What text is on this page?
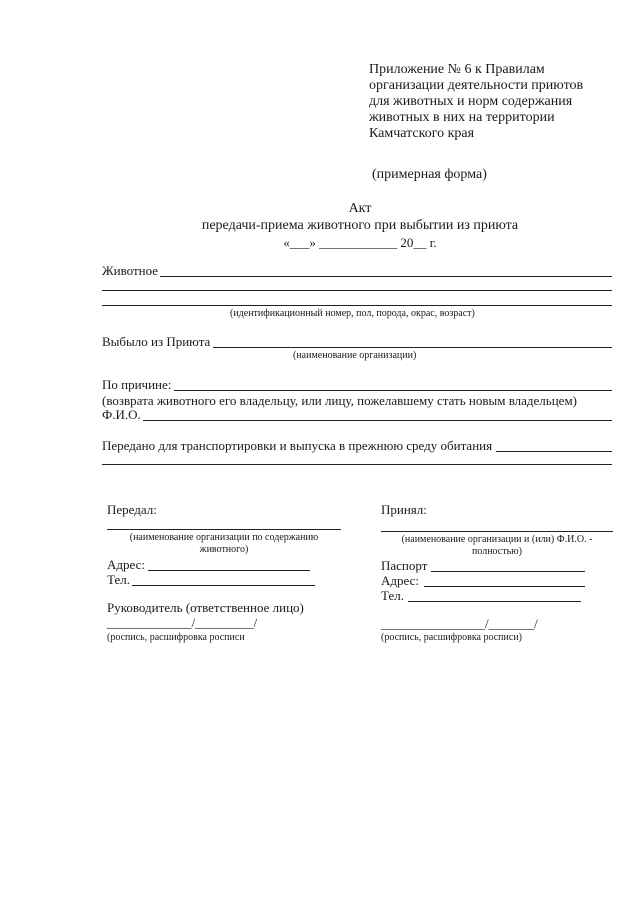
Приложение № 6 к Правилам
организации деятельности приютов
для животных и норм содержания
животных в них на территории
Камчатского края
(примерная форма)
Акт
передачи-приема животного при выбытии из приюта
«___» ____________ 20__ г.
Животное
(идентификационный номер, пол, порода, окрас, возраст)
Выбыло из Приюта
(наименование организации)
По причине:
(возврата животного его владельцу, или лицу, пожелавшему стать новым владельцем)
Ф.И.О.
Передано для транспортировки и выпуска в прежнюю среду обитания
Передал:
(наименование организации по содержанию
животного)
Адрес:
Тел.
Руководитель (ответственное лицо)
_____________/_________/
(роспись, расшифровка росписи
Принял:
(наименование организации и (или) Ф.И.О. -
полностью)
Паспорт
Адрес:
Тел.
________________/_______/
(роспись, расшифровка росписи)
